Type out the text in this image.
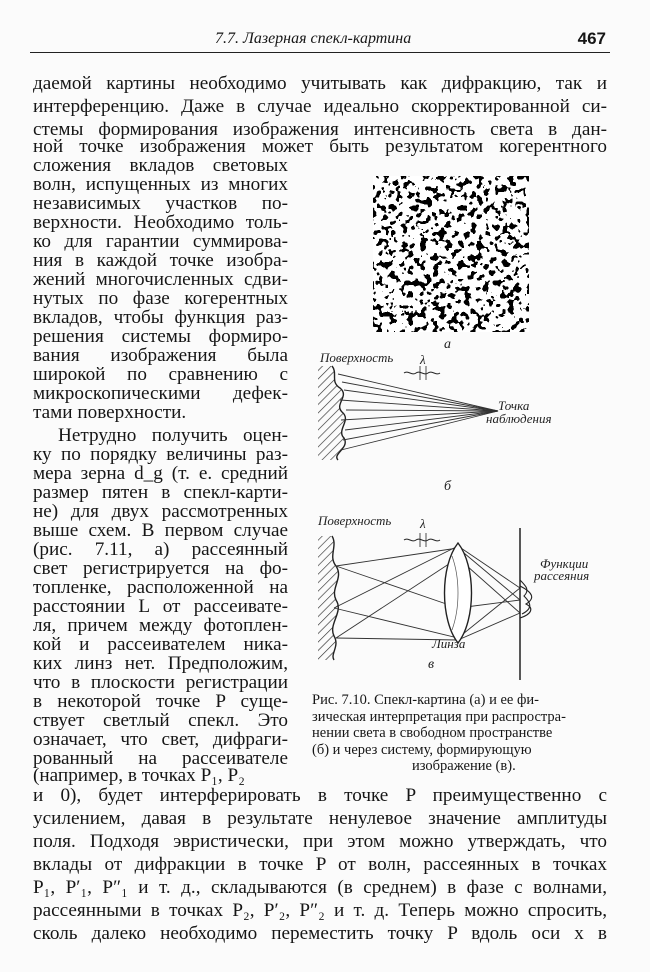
7.7. Лазерная спекл-картина	467
даемой картины необходимо учитывать как дифракцию, так и
интерференцию. Даже в случае идеально скорректированной си-
стемы формирования изображения интенсивность света в дан-
ной точке изображения может быть результатом когерентного
сложения вкладов световых
волн, испущенных из многих
независимых участков по-
верхности. Необходимо толь-
ко для гарантии суммирова-
ния в каждой точке изобра-
жений многочисленных сдви-
нутых по фазе когерентных
вкладов, чтобы функция раз-
решения системы формиро-
вания изображения была
широкой по сравнению с
микроскопическими дефек-
тами поверхности.
Нетрудно получить оцен-
ку по порядку величины раз-
мера зерна d_g (т. е. средний
размер пятен в спекл-карти-
не) для двух рассмотренных
выше схем. В первом случае
(рис. 7.11, а) рассеянный
свет регистрируется на фо-
топленке, расположенной на
расстоянии L от рассеивате-
ля, причем между фотоплен-
кой и рассеивателем ника-
ких линз нет. Предположим,
что в плоскости регистрации
в некоторой точке P суще-
ствует светлый спекл. Это
означает, что свет, дифраги-
рованный на рассеивателе
(например, в точках P₁, P₂
и 0), будет интерферировать в точке P преимущественно с
усилением, давая в результате ненулевое значение амплитуды
поля. Подходя эвристически, при этом можно утверждать, что
вклады от дифракции в точке P от волн, рассеянных в точках
P₁, P′₁, P″₁ и т. д., складываются (в среднем) в фазе с волнами,
рассеянными в точках P₂, P′₂, P″₂ и т. д. Теперь можно спросить,
сколь далеко необходимо переместить точку P вдоль оси x в
а
Поверхность λ
Точка
наблюдения
б
Поверхность λ
Функции
рассеяния
Линза
в
Рис. 7.10. Спекл-картина (а) и ее фи-
зическая интерпретация при распростра-
нении света в свободном пространстве
(б) и через систему, формирующую
изображение (в).
